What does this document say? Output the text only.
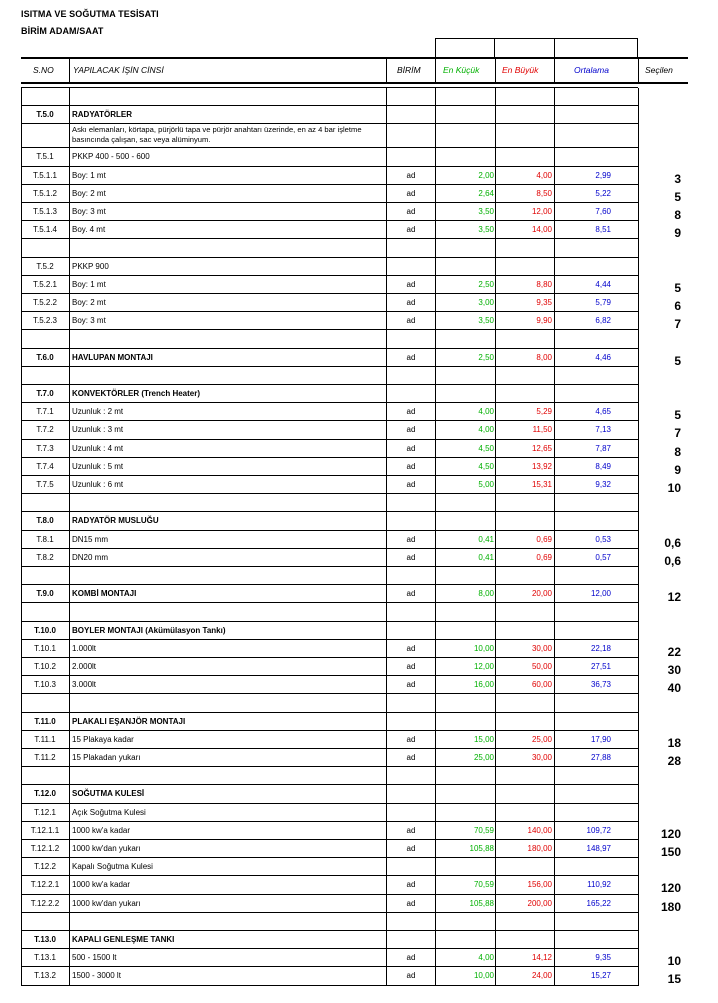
ISITMA VE SOĞUTMA TESİSATI
BİRİM ADAM/SAAT
S.NO YAPILACAK İŞİN CİNSİ	BİRİM	En Küçük	En Büyük	Ortalama	Seçilen
T.5.0	RADYATÖRLER
Askı elemanları, körtapa, pürjörlü tapa ve pürjör anahtarı üzerinde, en az 4 bar işletme basıncında çalışan, sac veya alüminyum.
T.5.1	PKKP 400 - 500 - 600
T.5.1.1	Boy: 1 mt	ad	2,00	4,00	2,99	3
T.5.1.2	Boy: 2 mt	ad	2,64	8,50	5,22	5
T.5.1.3	Boy: 3 mt	ad	3,50	12,00	7,60	8
T.5.1.4	Boy. 4 mt	ad	3,50	14,00	8,51	9
T.5.2	PKKP 900
T.5.2.1	Boy: 1 mt	ad	2,50	8,80	4,44	5
T.5.2.2	Boy: 2 mt	ad	3,00	9,35	5,79	6
T.5.2.3	Boy: 3 mt	ad	3,50	9,90	6,82	7
T.6.0	HAVLUPAN MONTAJI	ad	2,50	8,00	4,46	5
T.7.0	KONVEKTÖRLER (Trench Heater)
T.7.1	Uzunluk : 2 mt	ad	4,00	5,29	4,65	5
T.7.2	Uzunluk : 3 mt	ad	4,00	11,50	7,13	7
T.7.3	Uzunluk : 4 mt	ad	4,50	12,65	7,87	8
T.7.4	Uzunluk : 5 mt	ad	4,50	13,92	8,49	9
T.7.5	Uzunluk : 6 mt	ad	5,00	15,31	9,32	10
T.8.0	RADYATÖR MUSLUĞU
T.8.1	DN15 mm	ad	0,41	0,69	0,53	0,6
T.8.2	DN20 mm	ad	0,41	0,69	0,57	0,6
T.9.0	KOMBİ MONTAJI	ad	8,00	20,00	12,00	12
T.10.0	BOYLER MONTAJI (Akümülasyon Tankı)
T.10.1	1.000lt	ad	10,00	30,00	22,18	22
T.10.2	2.000lt	ad	12,00	50,00	27,51	30
T.10.3	3.000lt	ad	16,00	60,00	36,73	40
T.11.0	PLAKALI EŞANJÖR MONTAJI
T.11.1	15 Plakaya kadar	ad	15,00	25,00	17,90	18
T.11.2	15 Plakadan yukarı	ad	25,00	30,00	27,88	28
T.12.0	SOĞUTMA KULESİ
T.12.1	Açık Soğutma Kulesi
T.12.1.1	1000 kw'a kadar	ad	70,59	140,00	109,72	120
T.12.1.2	1000 kw'dan yukarı	ad	105,88	180,00	148,97	150
T.12.2	Kapalı Soğutma Kulesi
T.12.2.1	1000 kw'a kadar	ad	70,59	156,00	110,92	120
T.12.2.2	1000 kw'dan yukarı	ad	105,88	200,00	165,22	180
T.13.0	KAPALI GENLEŞME TANKI
T.13.1	500 - 1500 lt	ad	4,00	14,12	9,35	10
T.13.2	1500 - 3000 lt	ad	10,00	24,00	15,27	15
